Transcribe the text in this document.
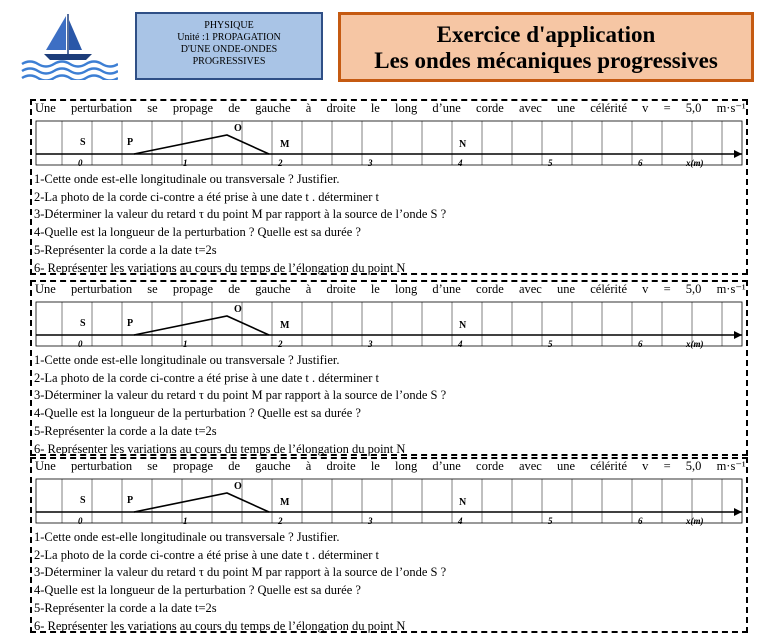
PHYSIQUE
Unité :1 PROPAGATION
D'UNE ONDE-ONDES
PROGRESSIVES
Exercice d'application
Les ondes mécaniques progressives
Une perturbation se propage de gauche à droite le long d’une corde avec une célérité v = 5,0 m·s⁻¹.
S	P
O
M	N
0	1	2	3	4	5	6	x(m)
1-Cette onde est-elle longitudinale ou transversale ? Justifier.
2-La photo de la corde ci-contre a été prise à une date t . déterminer t
3-Déterminer la valeur du retard τ du point M par rapport à la source de l’onde S ?
4-Quelle est la longueur de la perturbation ? Quelle est sa durée ?
5-Représenter la corde a la date t=2s
6- Représenter les variations au cours du temps de l’élongation du point N
Une perturbation se propage de gauche à droite le long d’une corde avec une célérité v = 5,0 m·s⁻¹.
S	P
O
M	N
0	1	2	3	4	5	6	x(m)
1-Cette onde est-elle longitudinale ou transversale ? Justifier.
2-La photo de la corde ci-contre a été prise à une date t . déterminer t
3-Déterminer la valeur du retard τ du point M par rapport à la source de l’onde S ?
4-Quelle est la longueur de la perturbation ? Quelle est sa durée ?
5-Représenter la corde a la date t=2s
6- Représenter les variations au cours du temps de l’élongation du point N
Une perturbation se propage de gauche à droite le long d’une corde avec une célérité v = 5,0 m·s⁻¹.
S	P
O
M	N
0	1	2	3	4	5	6	x(m)
1-Cette onde est-elle longitudinale ou transversale ? Justifier.
2-La photo de la corde ci-contre a été prise à une date t . déterminer t
3-Déterminer la valeur du retard τ du point M par rapport à la source de l’onde S ?
4-Quelle est la longueur de la perturbation ? Quelle est sa durée ?
5-Représenter la corde a la date t=2s
6- Représenter les variations au cours du temps de l’élongation du point N
